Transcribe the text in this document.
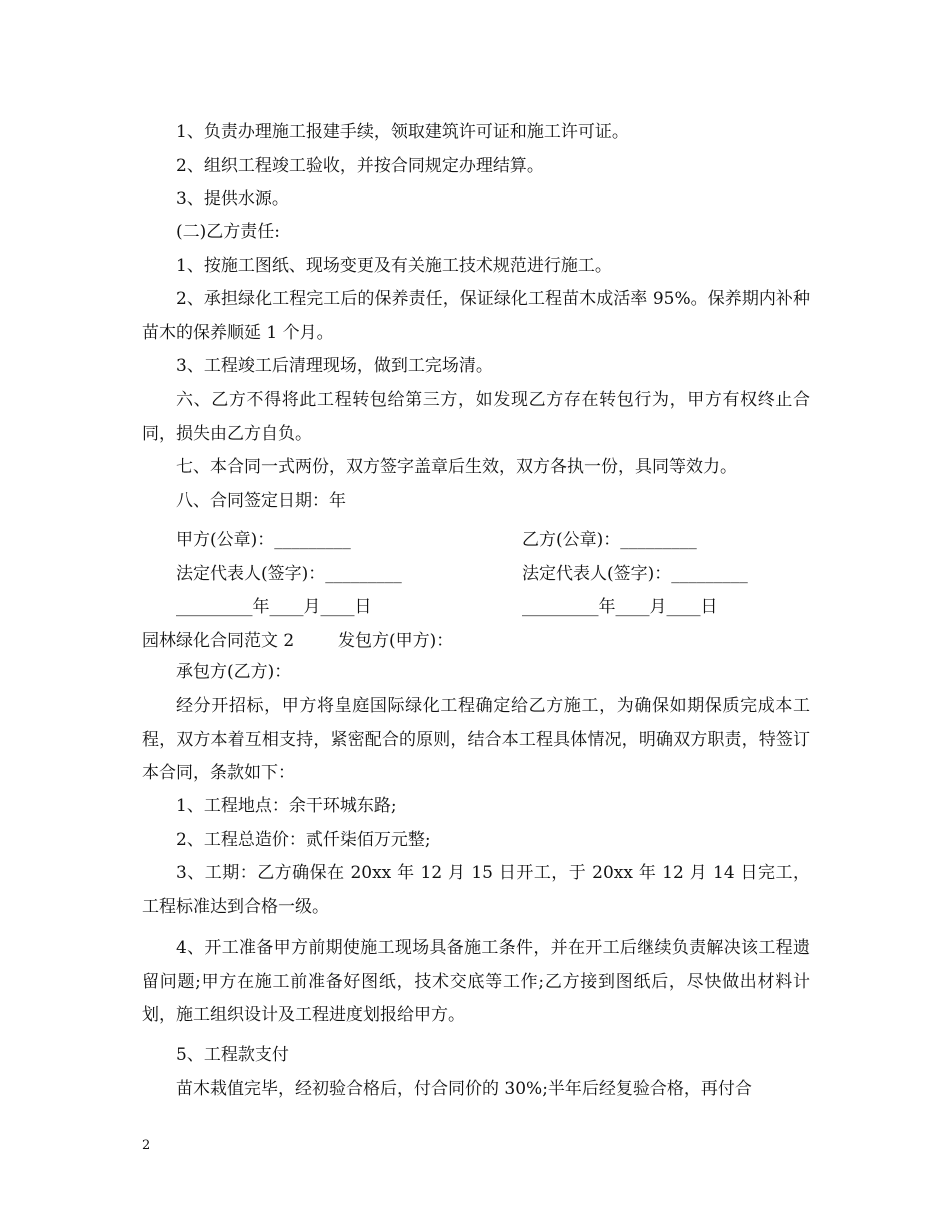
1、负责办理施工报建手续，领取建筑许可证和施工许可证。
2、组织工程竣工验收，并按合同规定办理结算。
3、提供水源。
(二)乙方责任:
1、按施工图纸、现场变更及有关施工技术规范进行施工。
2、承担绿化工程完工后的保养责任，保证绿化工程苗木成活率 95%。保养期内补种苗木的保养顺延 1 个月。
3、工程竣工后清理现场，做到工完场清。
六、乙方不得将此工程转包给第三方，如发现乙方存在转包行为，甲方有权终止合同，损失由乙方自负。
七、本合同一式两份，双方签字盖章后生效，双方各执一份，具同等效力。
八、合同签定日期：年
甲方(公章)：_________	乙方(公章)：_________
法定代表人(签字)：_________	法定代表人(签字)：_________
_________年____月____日	_________年____月____日
园林绿化合同范文 2	发包方(甲方)：
承包方(乙方)：
经分开招标，甲方将皇庭国际绿化工程确定给乙方施工，为确保如期保质完成本工程，双方本着互相支持，紧密配合的原则，结合本工程具体情况，明确双方职责，特签订本合同，条款如下：
1、工程地点：余干环城东路;
2、工程总造价：贰仟柒佰万元整;
3、工期：乙方确保在 20xx 年 12 月 15 日开工，于 20xx 年 12 月 14 日完工，工程标准达到合格一级。
4、开工准备甲方前期使施工现场具备施工条件，并在开工后继续负责解决该工程遗留问题;甲方在施工前准备好图纸，技术交底等工作;乙方接到图纸后，尽快做出材料计划，施工组织设计及工程进度划报给甲方。
5、工程款支付
苗木栽值完毕，经初验合格后，付合同价的 30%;半年后经复验合格，再付合
2
